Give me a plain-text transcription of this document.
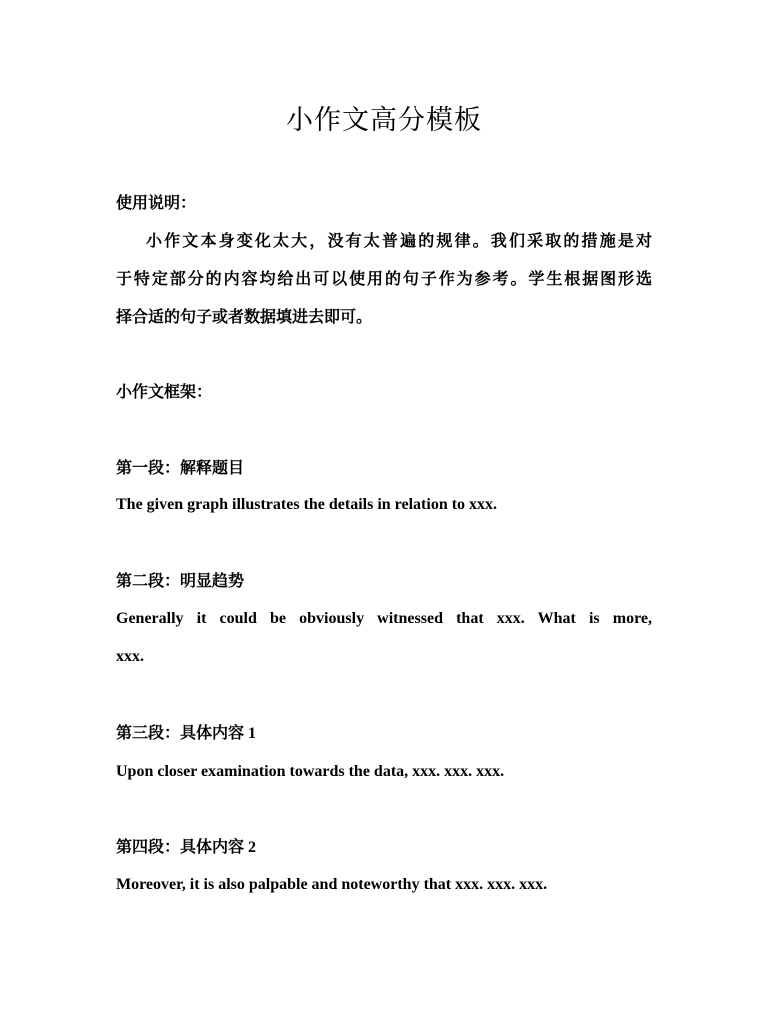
小作文高分模板
使用说明：
小作文本身变化太大，没有太普遍的规律。我们采取的措施是对
于特定部分的内容均给出可以使用的句子作为参考。学生根据图形选
择合适的句子或者数据填进去即可。
小作文框架：
第一段：解释题目
The given graph illustrates the details in relation to xxx.
第二段：明显趋势
Generally it could be obviously witnessed that xxx. What is more,
xxx.
第三段：具体内容 1
Upon closer examination towards the data, xxx. xxx. xxx.
第四段：具体内容 2
Moreover, it is also palpable and noteworthy that xxx. xxx. xxx.
